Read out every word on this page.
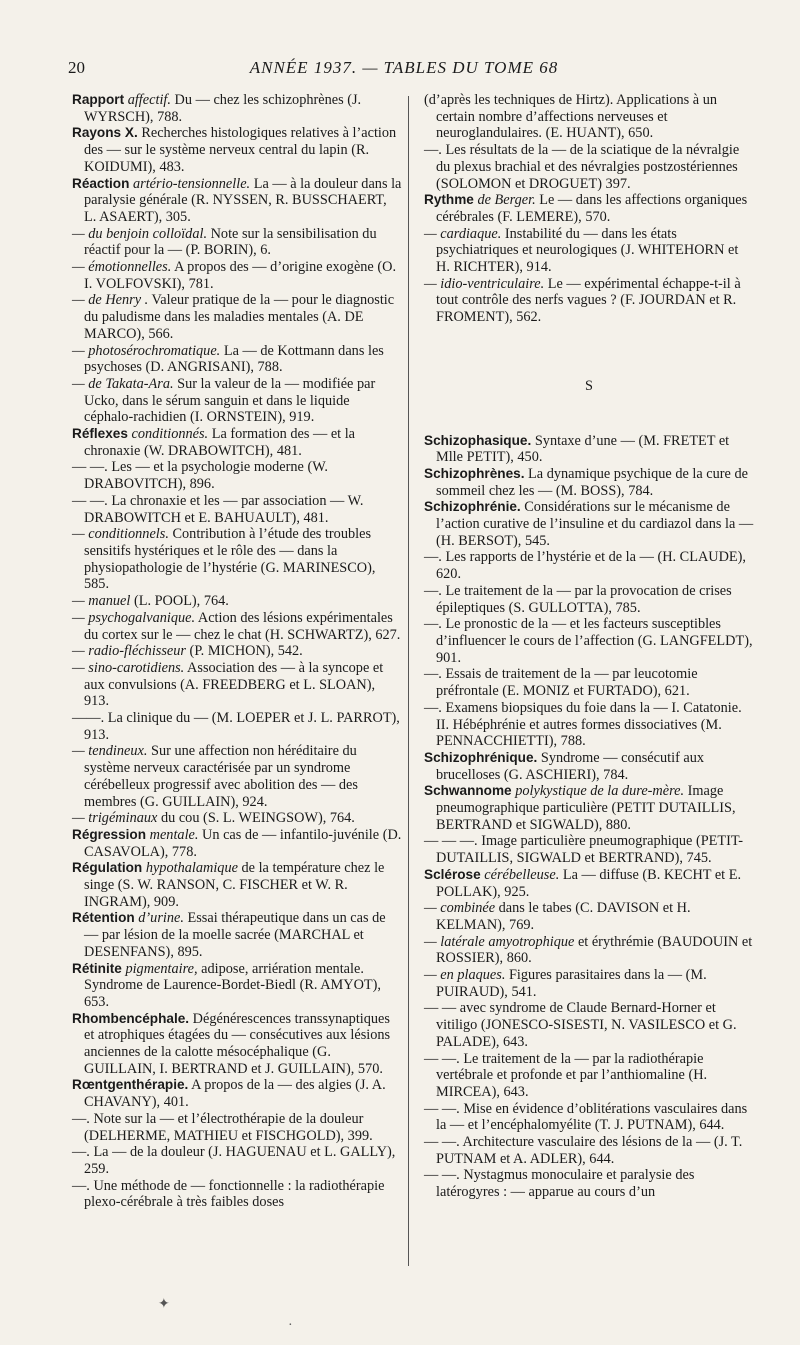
20	ANNÉE 1937. — TABLES DU TOME 68

Rapport affectif. Du — chez les schizophrènes (J. WYRSCH), 788.

Rayons X. Recherches histologiques relatives à l’action des — sur le système nerveux central du lapin (R. KOIDUMI), 483.

Réaction artério-tensionnelle. La — à la douleur dans la paralysie générale (R. NYSSEN, R. BUSSCHAERT, L. ASAERT), 305.

— du benjoin colloïdal. Note sur la sensibilisation du réactif pour la — (P. BORIN), 6.

— émotionnelles. A propos des — d’origine exogène (O. I. VOLFOVSKI), 781.

— de Henry . Valeur pratique de la — pour le diagnostic du paludisme dans les maladies mentales (A. DE MARCO), 566.

— photosérochromatique. La — de Kottmann dans les psychoses (D. ANGRISANI), 788.

— de Takata-Ara. Sur la valeur de la — modifiée par Ucko, dans le sérum sanguin et dans le liquide céphalo-rachidien (I. ORNSTEIN), 919.

Réflexes conditionnés. La formation des — et la chronaxie (W. DRABOWITCH), 481.

— —. Les — et la psychologie moderne (W. DRABOVITCH), 896.

— —. La chronaxie et les — par association — W. DRABOWITCH et E. BAHUAULT), 481.

— conditionnels. Contribution à l’étude des troubles sensitifs hystériques et le rôle des — dans la physiopathologie de l’hystérie (G. MARINESCO), 585.

— manuel (L. POOL), 764.

— psychogalvanique. Action des lésions expérimentales du cortex sur le — chez le chat (H. SCHWARTZ), 627.

— radio-fléchisseur (P. MICHON), 542.

— sino-carotidiens. Association des — à la syncope et aux convulsions (A. FREEDBERG et L. SLOAN), 913.

——. La clinique du — (M. LOEPER et J. L. PARROT), 913.

— tendineux. Sur une affection non héréditaire du système nerveux caractérisée par un syndrome cérébelleux progressif avec abolition des — des membres (G. GUILLAIN), 924.

— trigéminaux du cou (S. L. WEINGSOW), 764.

Régression mentale. Un cas de — infantilo-juvénile (D. CASAVOLA), 778.

Régulation hypothalamique de la température chez le singe (S. W. RANSON, C. FISCHER et W. R. INGRAM), 909.

Rétention d’urine. Essai thérapeutique dans un cas de — par lésion de la moelle sacrée (MARCHAL et DESENFANS), 895.

Rétinite pigmentaire, adipose, arriération mentale. Syndrome de Laurence-Bordet-Biedl (R. AMYOT), 653.

Rhombencéphale. Dégénérescences transsynaptiques et atrophiques étagées du — consécutives aux lésions anciennes de la calotte mésocéphalique (G. GUILLAIN, I. BERTRAND et J. GUILLAIN), 570.

Rœntgenthérapie. A propos de la — des algies (J. A. CHAVANY), 401.

—. Note sur la — et l’électrothérapie de la douleur (DELHERME, MATHIEU et FISCHGOLD), 399.

—. La — de la douleur (J. HAGUENAU et L. GALLY), 259.

—. Une méthode de — fonctionnelle : la radiothérapie plexo-cérébrale à très faibles doses

(d’après les techniques de Hirtz). Applications à un certain nombre d’affections nerveuses et neuroglandulaires. (E. HUANT), 650.

—. Les résultats de la — de la sciatique de la névralgie du plexus brachial et des névralgies postzostériennes (SOLOMON et DROGUET) 397.

Rythme de Berger. Le — dans les affections organiques cérébrales (F. LEMERE), 570.

— cardiaque. Instabilité du — dans les états psychiatriques et neurologiques (J. WHITEHORN et H. RICHTER), 914.

— idio-ventriculaire. Le — expérimental échappe-t-il à tout contrôle des nerfs vagues ? (F. JOURDAN et R. FROMENT), 562.

S

Schizophasique. Syntaxe d’une — (M. FRETET et Mlle PETIT), 450.

Schizophrènes. La dynamique psychique de la cure de sommeil chez les — (M. BOSS), 784.

Schizophrénie. Considérations sur le mécanisme de l’action curative de l’insuline et du cardiazol dans la — (H. BERSOT), 545.

—. Les rapports de l’hystérie et de la — (H. CLAUDE), 620.

—. Le traitement de la — par la provocation de crises épileptiques (S. GULLOTTA), 785.

—. Le pronostic de la — et les facteurs susceptibles d’influencer le cours de l’affection (G. LANGFELDT), 901.

—. Essais de traitement de la — par leucotomie préfrontale (E. MONIZ et FURTADO), 621.

—. Examens biopsiques du foie dans la — I. Catatonie. II. Hébéphrénie et autres formes dissociatives (M. PENNACCHIETTI), 788.

Schizophrénique. Syndrome — consécutif aux brucelloses (G. ASCHIERI), 784.

Schwannome polykystique de la dure-mère. Image pneumographique particulière (PETIT DUTAILLIS, BERTRAND et SIGWALD), 880.

— — —. Image particulière pneumographique (PETIT-DUTAILLIS, SIGWALD et BERTRAND), 745.

Sclérose cérébelleuse. La — diffuse (B. KECHT et E. POLLAK), 925.

— combinée dans le tabes (C. DAVISON et H. KELMAN), 769.

— latérale amyotrophique et érythrémie (BAUDOUIN et ROSSIER), 860.

— en plaques. Figures parasitaires dans la — (M. PUIRAUD), 541.

— — avec syndrome de Claude Bernard-Horner et vitiligo (JONESCO-SISESTI, N. VASILESCO et G. PALADE), 643.

— —. Le traitement de la — par la radiothérapie vertébrale et profonde et par l’anthiomaline (H. MIRCEA), 643.

— —. Mise en évidence d’oblitérations vasculaires dans la — et l’encéphalomyélite (T. J. PUTNAM), 644.

— —. Architecture vasculaire des lésions de la — (J. T. PUTNAM et A. ADLER), 644.

— —. Nystagmus monoculaire et paralysie des latérogyres : — apparue au cours d’un

✦
·
